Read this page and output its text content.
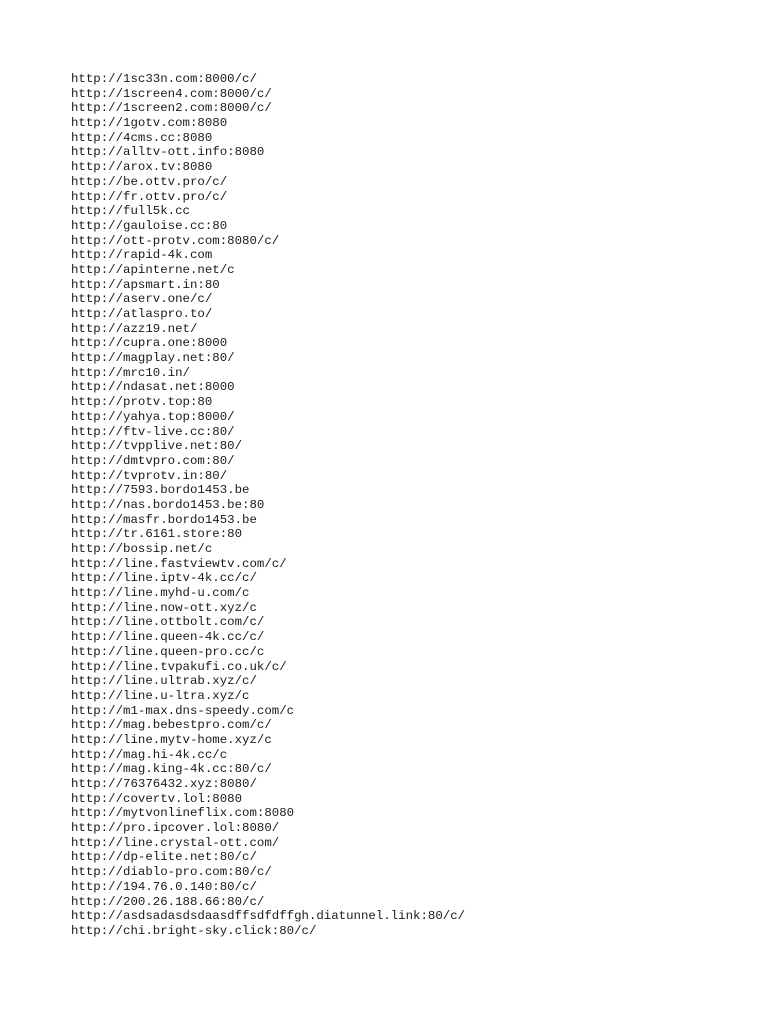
http://1sc33n.com:8000/c/
http://1screen4.com:8000/c/
http://1screen2.com:8000/c/
http://1gotv.com:8080
http://4cms.cc:8080
http://alltv-ott.info:8080
http://arox.tv:8080
http://be.ottv.pro/c/
http://fr.ottv.pro/c/
http://full5k.cc
http://gauloise.cc:80
http://ott-protv.com:8080/c/
http://rapid-4k.com
http://apinterne.net/c
http://apsmart.in:80
http://aserv.one/c/
http://atlaspro.to/
http://azz19.net/
http://cupra.one:8000
http://magplay.net:80/
http://mrc10.in/
http://ndasat.net:8000
http://protv.top:80
http://yahya.top:8000/
http://ftv-live.cc:80/
http://tvpplive.net:80/
http://dmtvpro.com:80/
http://tvprotv.in:80/
http://7593.bordo1453.be
http://nas.bordo1453.be:80
http://masfr.bordo1453.be
http://tr.6161.store:80
http://bossip.net/c
http://line.fastviewtv.com/c/
http://line.iptv-4k.cc/c/
http://line.myhd-u.com/c
http://line.now-ott.xyz/c
http://line.ottbolt.com/c/
http://line.queen-4k.cc/c/
http://line.queen-pro.cc/c
http://line.tvpakufi.co.uk/c/
http://line.ultrab.xyz/c/
http://line.u-ltra.xyz/c
http://m1-max.dns-speedy.com/c
http://mag.bebestpro.com/c/
http://line.mytv-home.xyz/c
http://mag.hi-4k.cc/c
http://mag.king-4k.cc:80/c/
http://76376432.xyz:8080/
http://covertv.lol:8080
http://mytvonlineflix.com:8080
http://pro.ipcover.lol:8080/
http://line.crystal-ott.com/
http://dp-elite.net:80/c/
http://diablo-pro.com:80/c/
http://194.76.0.140:80/c/
http://200.26.188.66:80/c/
http://asdsadasdsdaasdffsdfdffgh.diatunnel.link:80/c/
http://chi.bright-sky.click:80/c/
